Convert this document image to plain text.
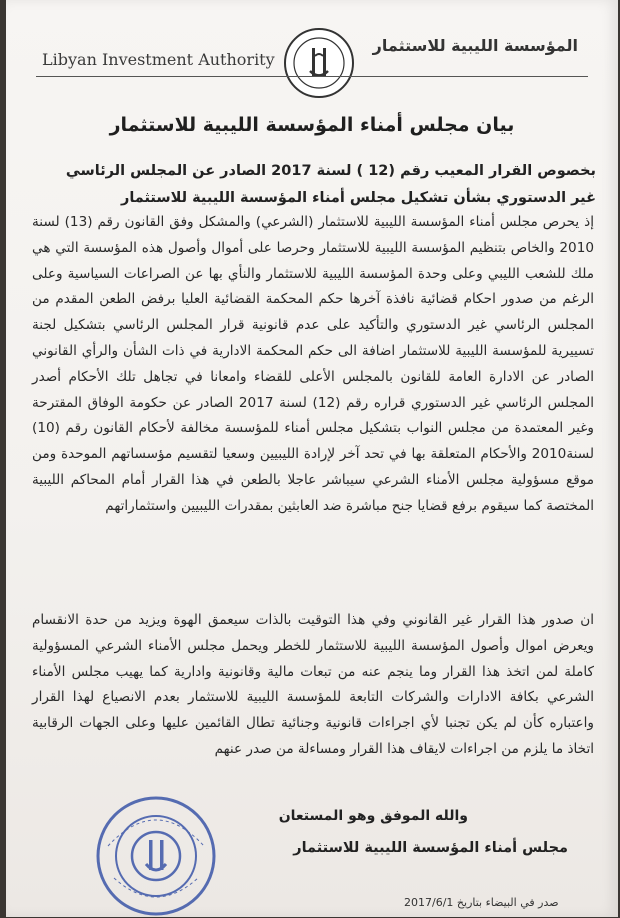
Libyan Investment Authority
المؤسسة الليبية للاستثمار
بيان مجلس أمناء المؤسسة الليبية للاستثمار
بخصوص القرار المعيب رقم (12 ) لسنة 2017 الصادر عن المجلس الرئاسي غير الدستوري بشأن تشكيل مجلس أمناء المؤسسة الليبية للاستثمار
إذ يحرص مجلس أمناء المؤسسة الليبية للاستثمار (الشرعي) والمشكل وفق القانون رقم (13) لسنة 2010 والخاص بتنظيم المؤسسة الليبية للاستثمار وحرصا على أموال وأصول هذه المؤسسة التي هي ملك للشعب الليبي وعلى وحدة المؤسسة الليبية للاستثمار والنأي بها عن الصراعات السياسية وعلى الرغم من صدور احكام قضائية نافذة آخرها حكم المحكمة القضائية العليا برفض الطعن المقدم من المجلس الرئاسي غير الدستوري والتأكيد على عدم قانونية قرار المجلس الرئاسي بتشكيل لجنة تسييرية للمؤسسة الليبية للاستثمار اضافة الى حكم المحكمة الادارية في ذات الشأن والرأي القانوني الصادر عن الادارة العامة للقانون بالمجلس الأعلى للقضاء وامعانا في تجاهل تلك الأحكام أصدر المجلس الرئاسي غير الدستوري قراره رقم (12) لسنة 2017 الصادر عن حكومة الوفاق المقترحة وغير المعتمدة من مجلس النواب بتشكيل مجلس أمناء للمؤسسة مخالفة لأحكام القانون رقم (10) لسنة2010 والأحكام المتعلقة بها في تحد آخر لإرادة الليبيين وسعيا لتقسيم مؤسساتهم الموحدة ومن موقع مسؤولية مجلس الأمناء الشرعي سيباشر عاجلا بالطعن في هذا القرار أمام المحاكم الليبية المختصة كما سيقوم برفع قضايا جنح مباشرة ضد العابثين بمقدرات الليبيين واستثماراتهم
ان صدور هذا القرار غير القانوني وفي هذا التوقيت بالذات سيعمق الهوة ويزيد من حدة الانقسام ويعرض اموال وأصول المؤسسة الليبية للاستثمار للخطر ويحمل مجلس الأمناء الشرعي المسؤولية كاملة لمن اتخذ هذا القرار وما ينجم عنه من تبعات مالية وقانونية وادارية كما يهيب مجلس الأمناء الشرعي بكافة الادارات والشركات التابعة للمؤسسة الليبية للاستثمار بعدم الانصياع لهذا القرار واعتباره كأن لم يكن تجنبا لأي اجراءات قانونية وجنائية تطال القائمين عليها وعلى الجهات الرقابية اتخاذ ما يلزم من اجراءات لايقاف هذا القرار ومساءلة من صدر عنهم
والله الموفق وهو المستعان
مجلس أمناء المؤسسة الليبية للاستثمار
صدر في البيضاء بتاريخ 2017/6/1
